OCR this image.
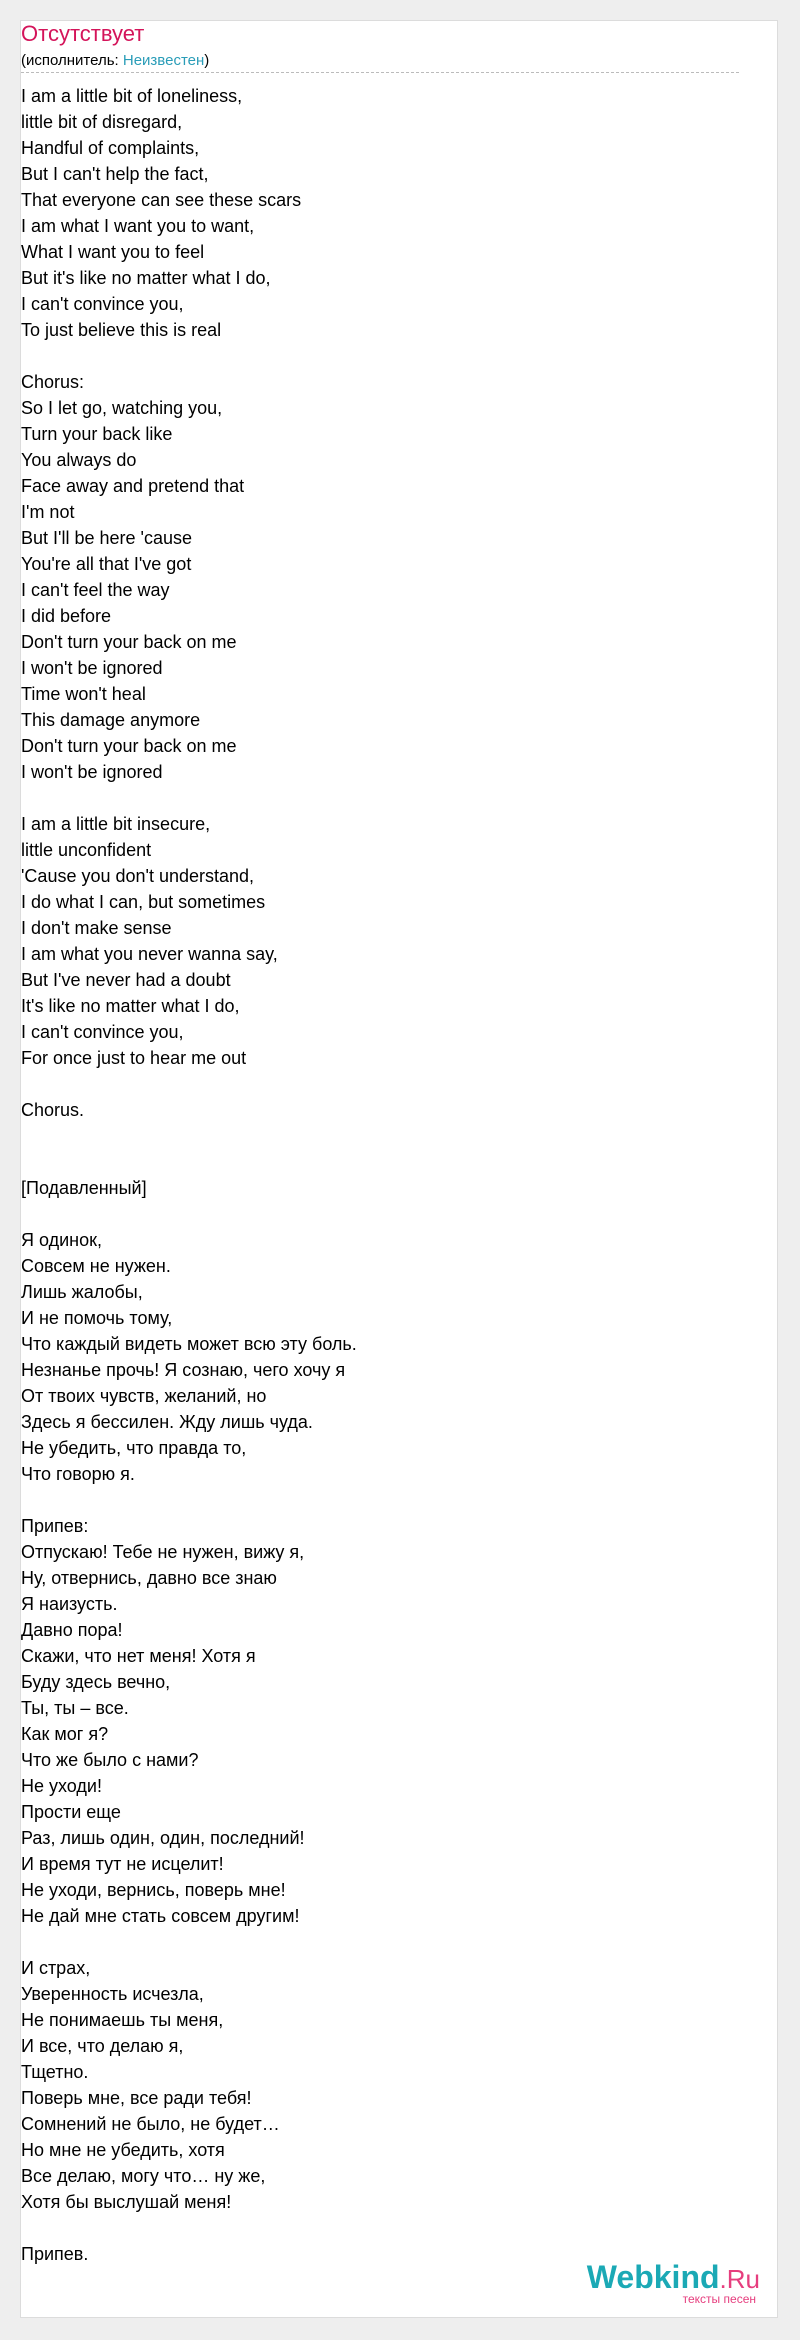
Отсутствует
(исполнитель: Неизвестен)
I am a little bit of loneliness,
little bit of disregard,
Handful of complaints,
But I can't help the fact,
That everyone can see these scars
I am what I want you to want,
What I want you to feel
But it's like no matter what I do,
I can't convince you,
To just believe this is real
Chorus:
So I let go, watching you,
Turn your back like
You always do
Face away and pretend that
I'm not
But I'll be here 'cause
You're all that I've got
I can't feel the way
I did before
Don't turn your back on me
I won't be ignored
Time won't heal
This damage anymore
Don't turn your back on me
I won't be ignored
I am a little bit insecure,
little unconfident
'Cause you don't understand,
I do what I can, but sometimes
I don't make sense
I am what you never wanna say,
But I've never had a doubt
It's like no matter what I do,
I can't convince you,
For once just to hear me out
Chorus.
[Подавленный]
Я одинок,
Совсем не нужен.
Лишь жалобы,
И не помочь тому,
Что каждый видеть может всю эту боль.
Незнанье прочь! Я сознаю, чего хочу я
От твоих чувств, желаний, но
Здесь я бессилен. Жду лишь чуда.
Не убедить, что правда то,
Что говорю я.
Припев:
Отпускаю! Тебе не нужен, вижу я,
Ну, отвернись, давно все знаю
Я наизусть.
Давно пора!
Скажи, что нет меня! Хотя я
Буду здесь вечно,
Ты, ты – все.
Как мог я?
Что же было с нами?
Не уходи!
Прости еще
Раз, лишь один, один, последний!
И время тут не исцелит!
Не уходи, вернись, поверь мне!
Не дай мне стать совсем другим!
И страх,
Уверенность исчезла,
Не понимаешь ты меня,
И все, что делаю я,
Тщетно.
Поверь мне, все ради тебя!
Сомнений не было, не будет…
Но мне не убедить, хотя
Все делаю, могу что… ну же,
Хотя бы выслушай меня!
Припев.
Webkind.Ru
тексты песен
